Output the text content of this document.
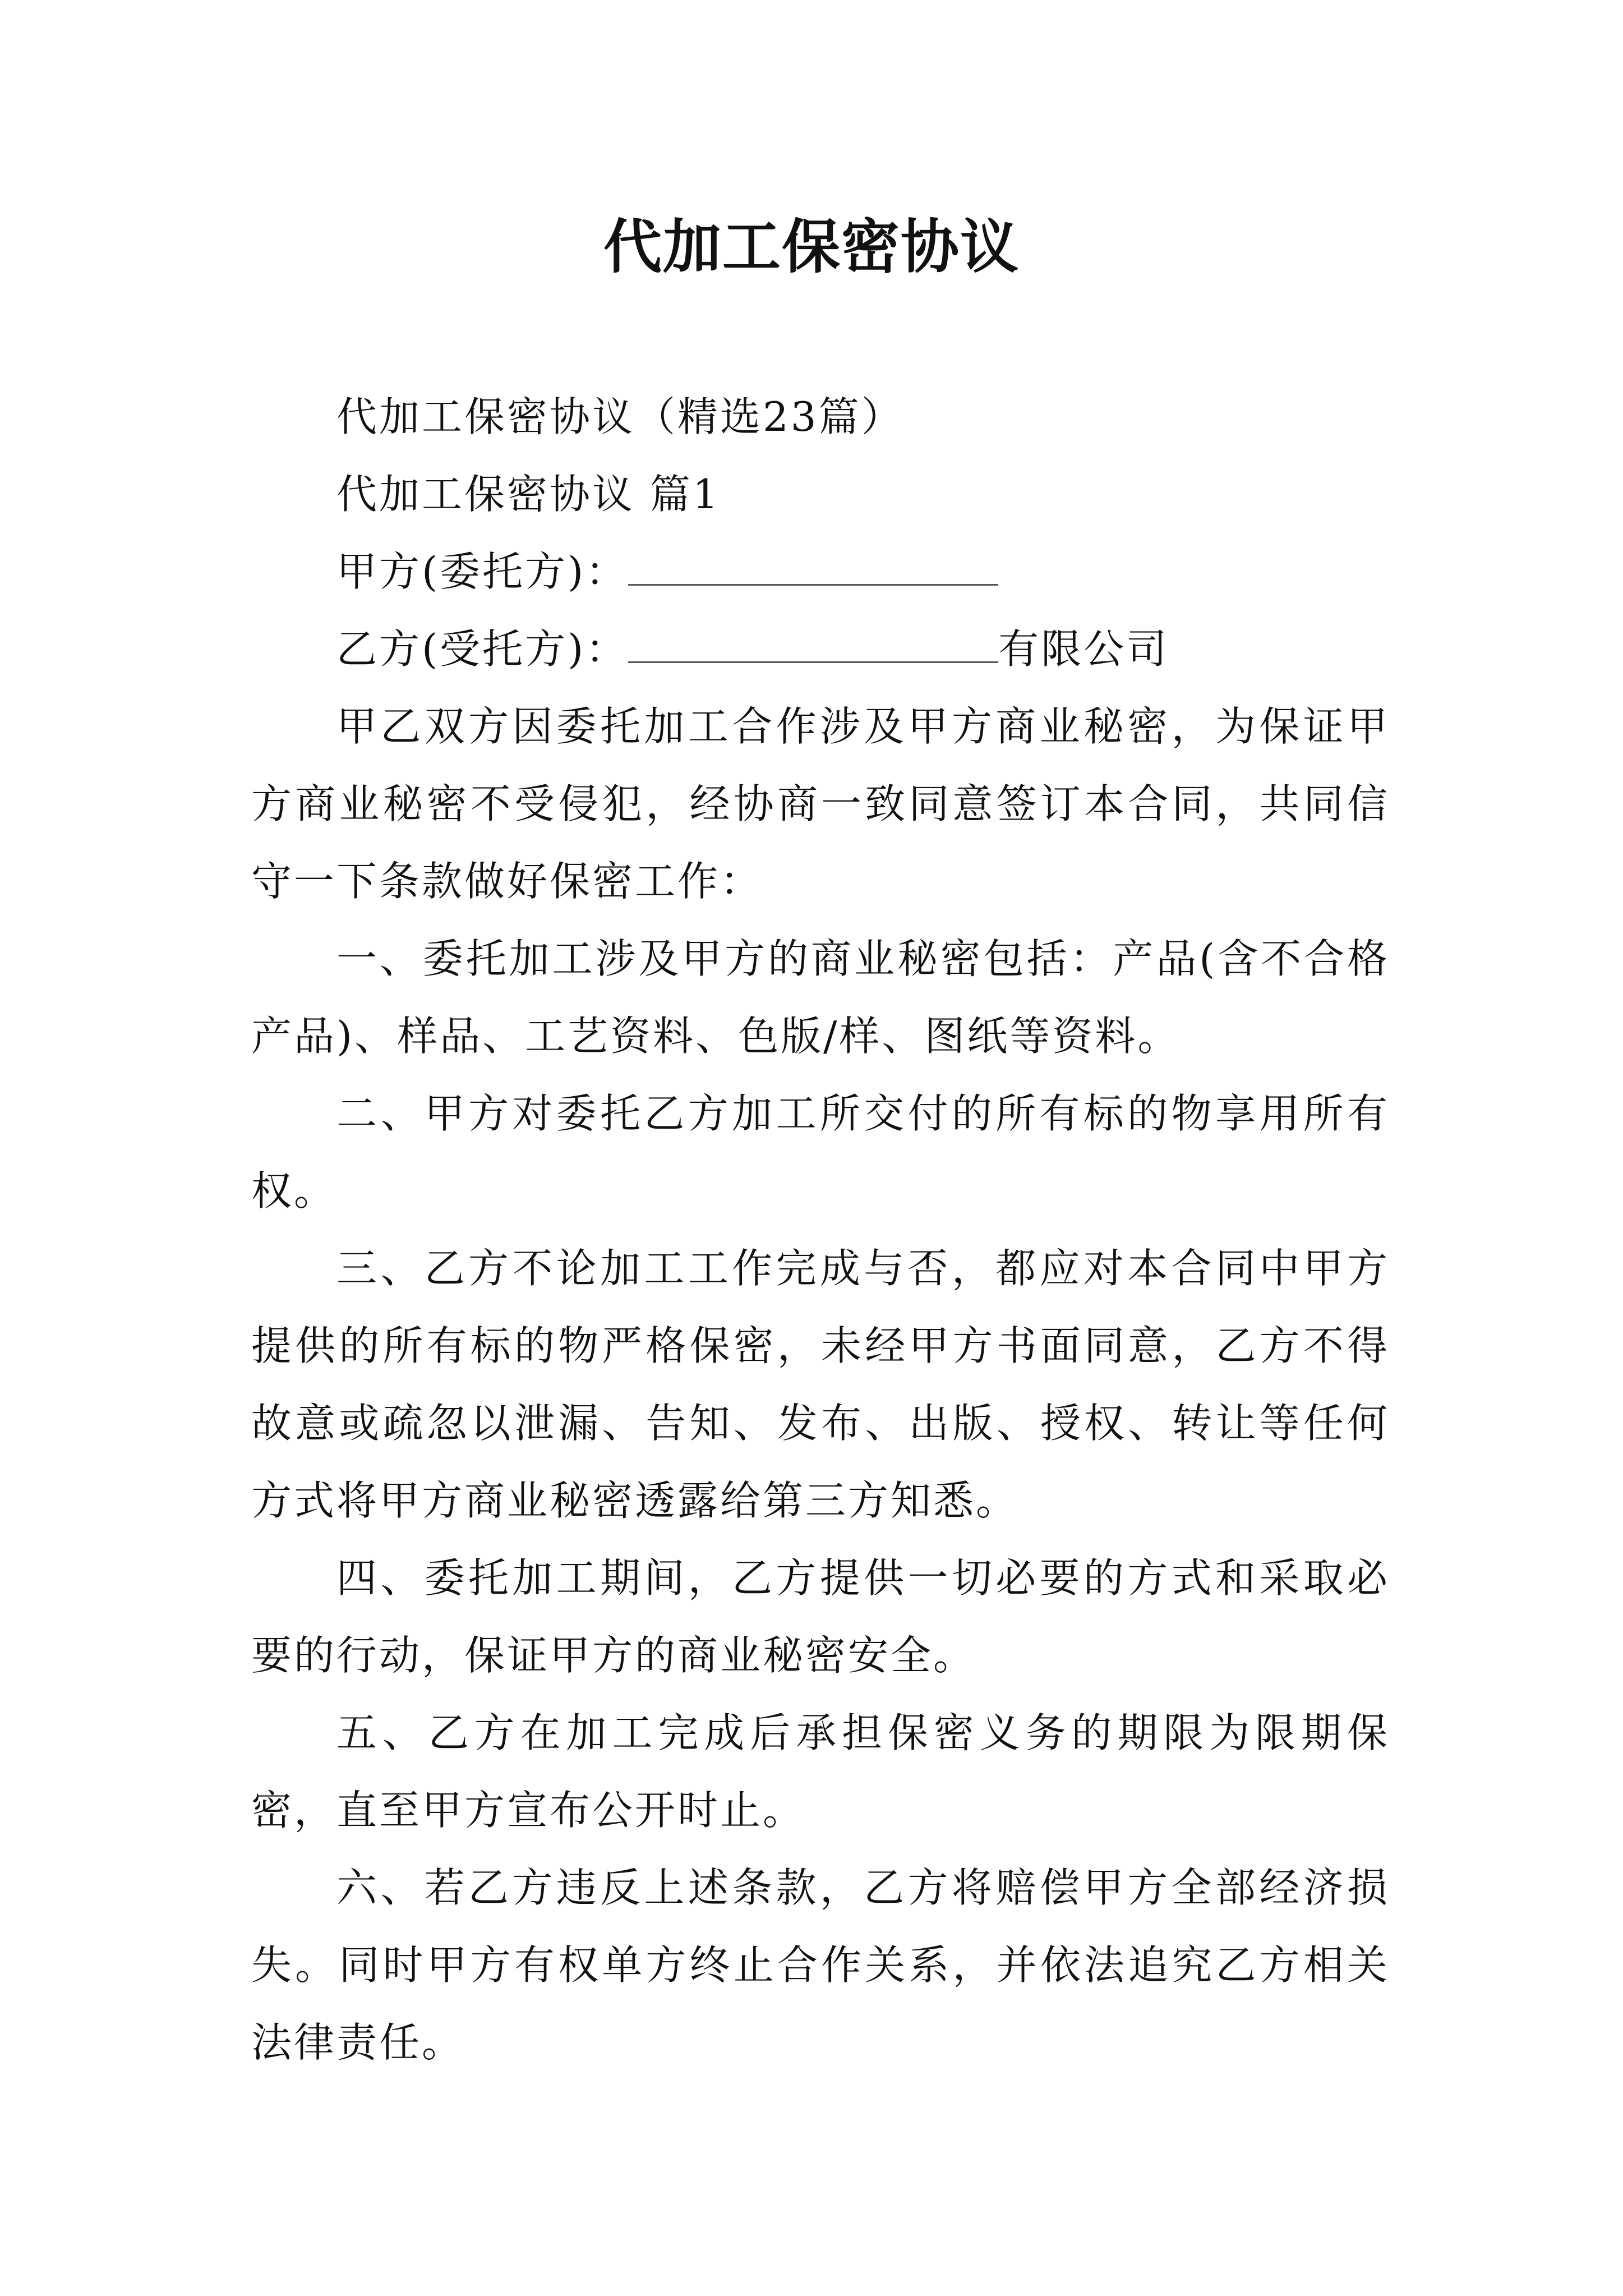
代加工保密协议

代加工保密协议（精选23篇）

代加工保密协议 篇1

甲方(委托方)：

乙方(受托方)：	有限公司

甲乙双方因委托加工合作涉及甲方商业秘密，为保证甲方商业秘密不受侵犯，经协商一致同意签订本合同，共同信守一下条款做好保密工作：

一、委托加工涉及甲方的商业秘密包括：产品(含不合格产品)、样品、工艺资料、色版/样、图纸等资料。

二、甲方对委托乙方加工所交付的所有标的物享用所有权。

三、乙方不论加工工作完成与否，都应对本合同中甲方提供的所有标的物严格保密，未经甲方书面同意，乙方不得故意或疏忽以泄漏、告知、发布、出版、授权、转让等任何方式将甲方商业秘密透露给第三方知悉。

四、委托加工期间，乙方提供一切必要的方式和采取必要的行动，保证甲方的商业秘密安全。

五、乙方在加工完成后承担保密义务的期限为限期保密，直至甲方宣布公开时止。

六、若乙方违反上述条款，乙方将赔偿甲方全部经济损失。同时甲方有权单方终止合作关系，并依法追究乙方相关法律责任。
